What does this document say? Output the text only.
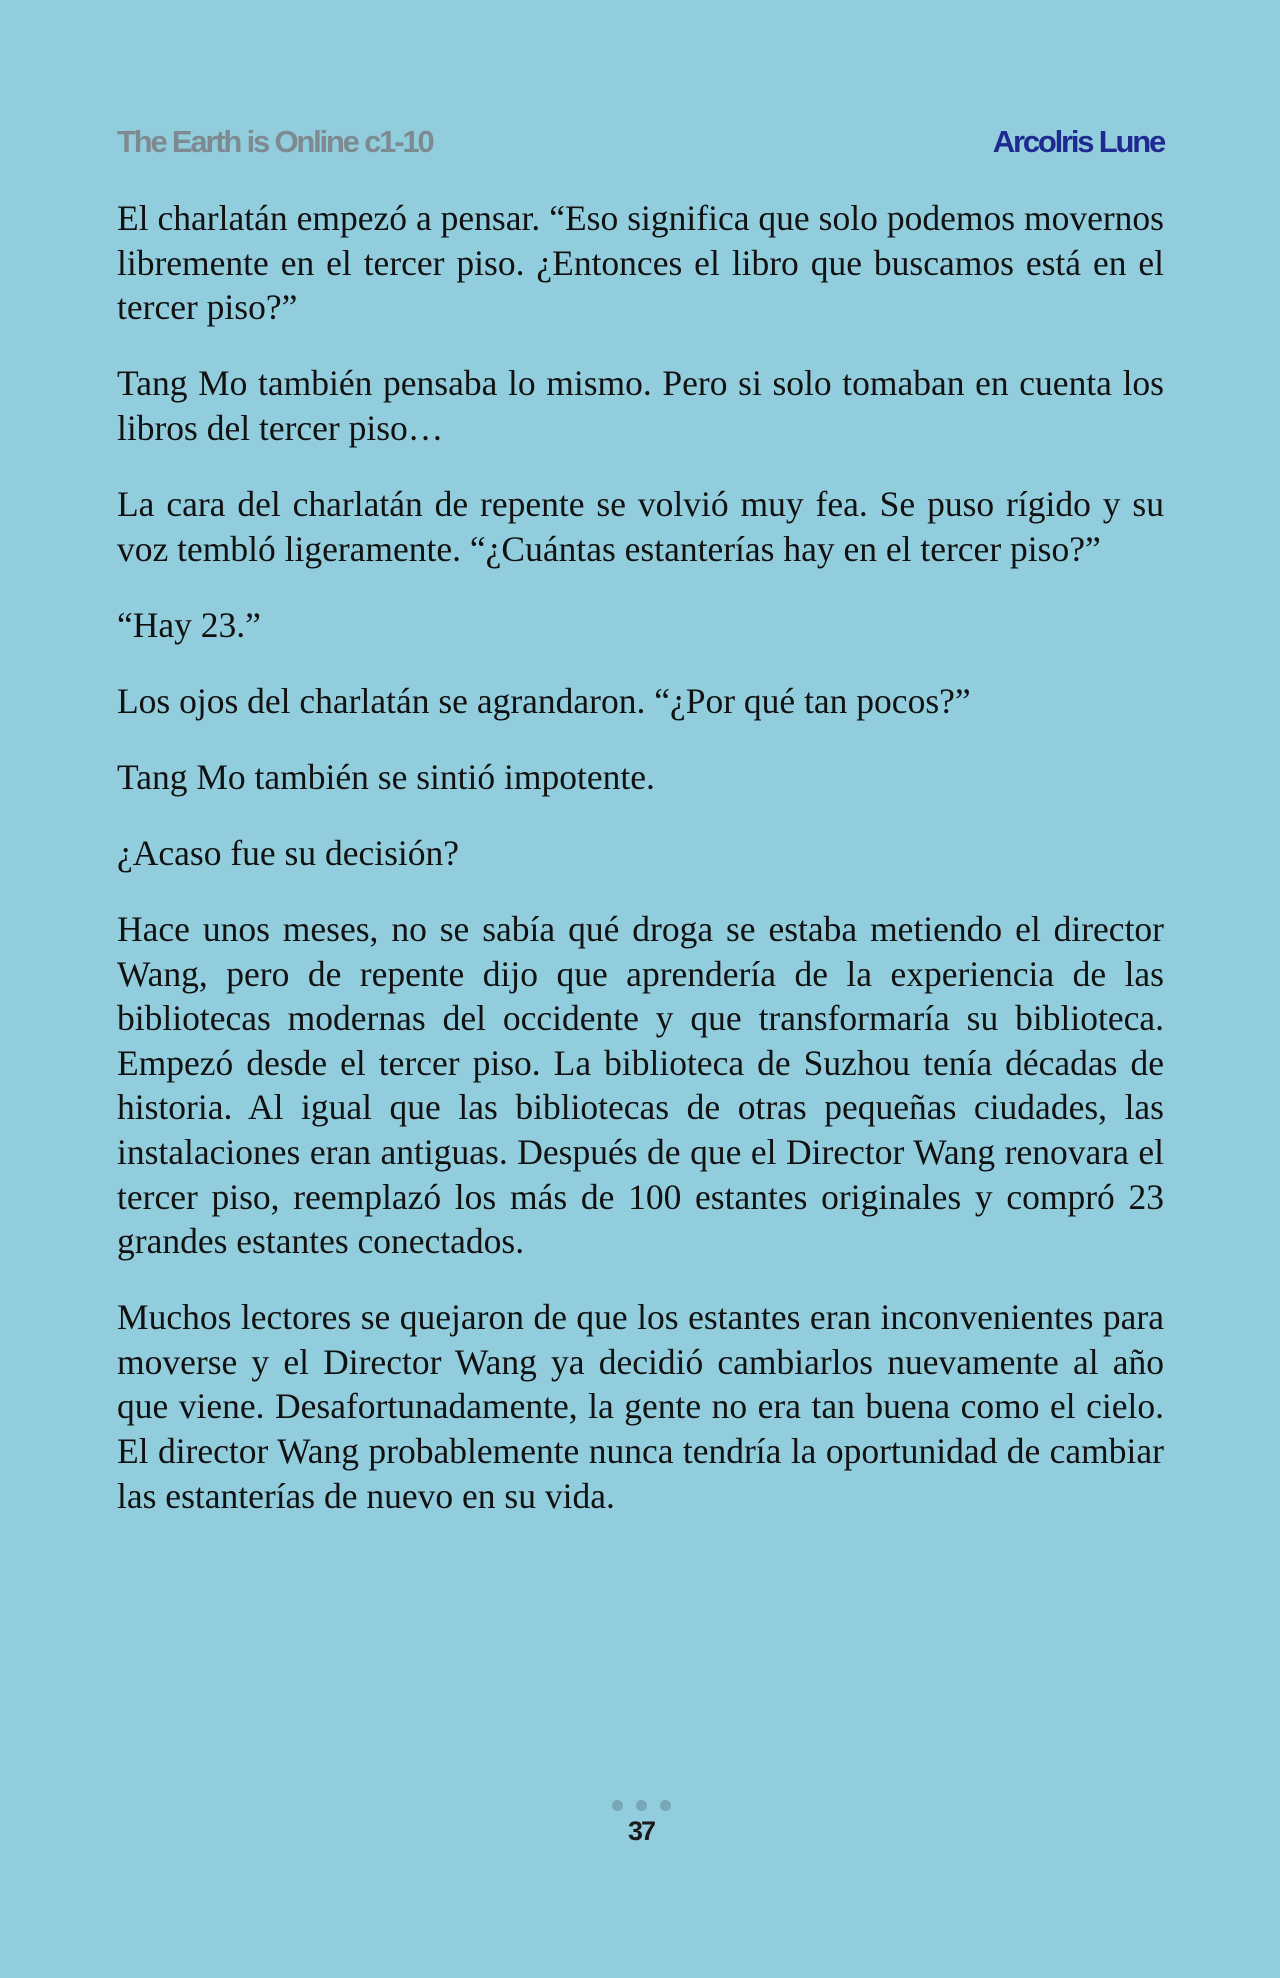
The Earth is Online c1-10	Arcolris Lune

El charlatán empezó a pensar. “Eso significa que solo podemos movernos libremente en el tercer piso. ¿Entonces el libro que buscamos está en el tercer piso?”

Tang Mo también pensaba lo mismo. Pero si solo tomaban en cuenta los libros del tercer piso…

La cara del charlatán de repente se volvió muy fea. Se puso rígido y su voz tembló ligeramente. “¿Cuántas estanterías hay en el tercer piso?”

“Hay 23.”

Los ojos del charlatán se agrandaron. “¿Por qué tan pocos?”

Tang Mo también se sintió impotente.

¿Acaso fue su decisión?

Hace unos meses, no se sabía qué droga se estaba metiendo el director Wang, pero de repente dijo que aprendería de la experiencia de las bibliotecas modernas del occidente y que transformaría su biblioteca. Empezó desde el tercer piso. La biblioteca de Suzhou tenía décadas de historia. Al igual que las bibliotecas de otras pequeñas ciudades, las instalaciones eran antiguas. Después de que el Director Wang renovara el tercer piso, reemplazó los más de 100 estantes originales y compró 23 grandes estantes conectados.

Muchos lectores se quejaron de que los estantes eran inconvenientes para moverse y el Director Wang ya decidió cambiarlos nuevamente al año que viene. Desafortunadamente, la gente no era tan buena como el cielo. El director Wang probablemente nunca tendría la oportunidad de cambiar las estanterías de nuevo en su vida.

37
